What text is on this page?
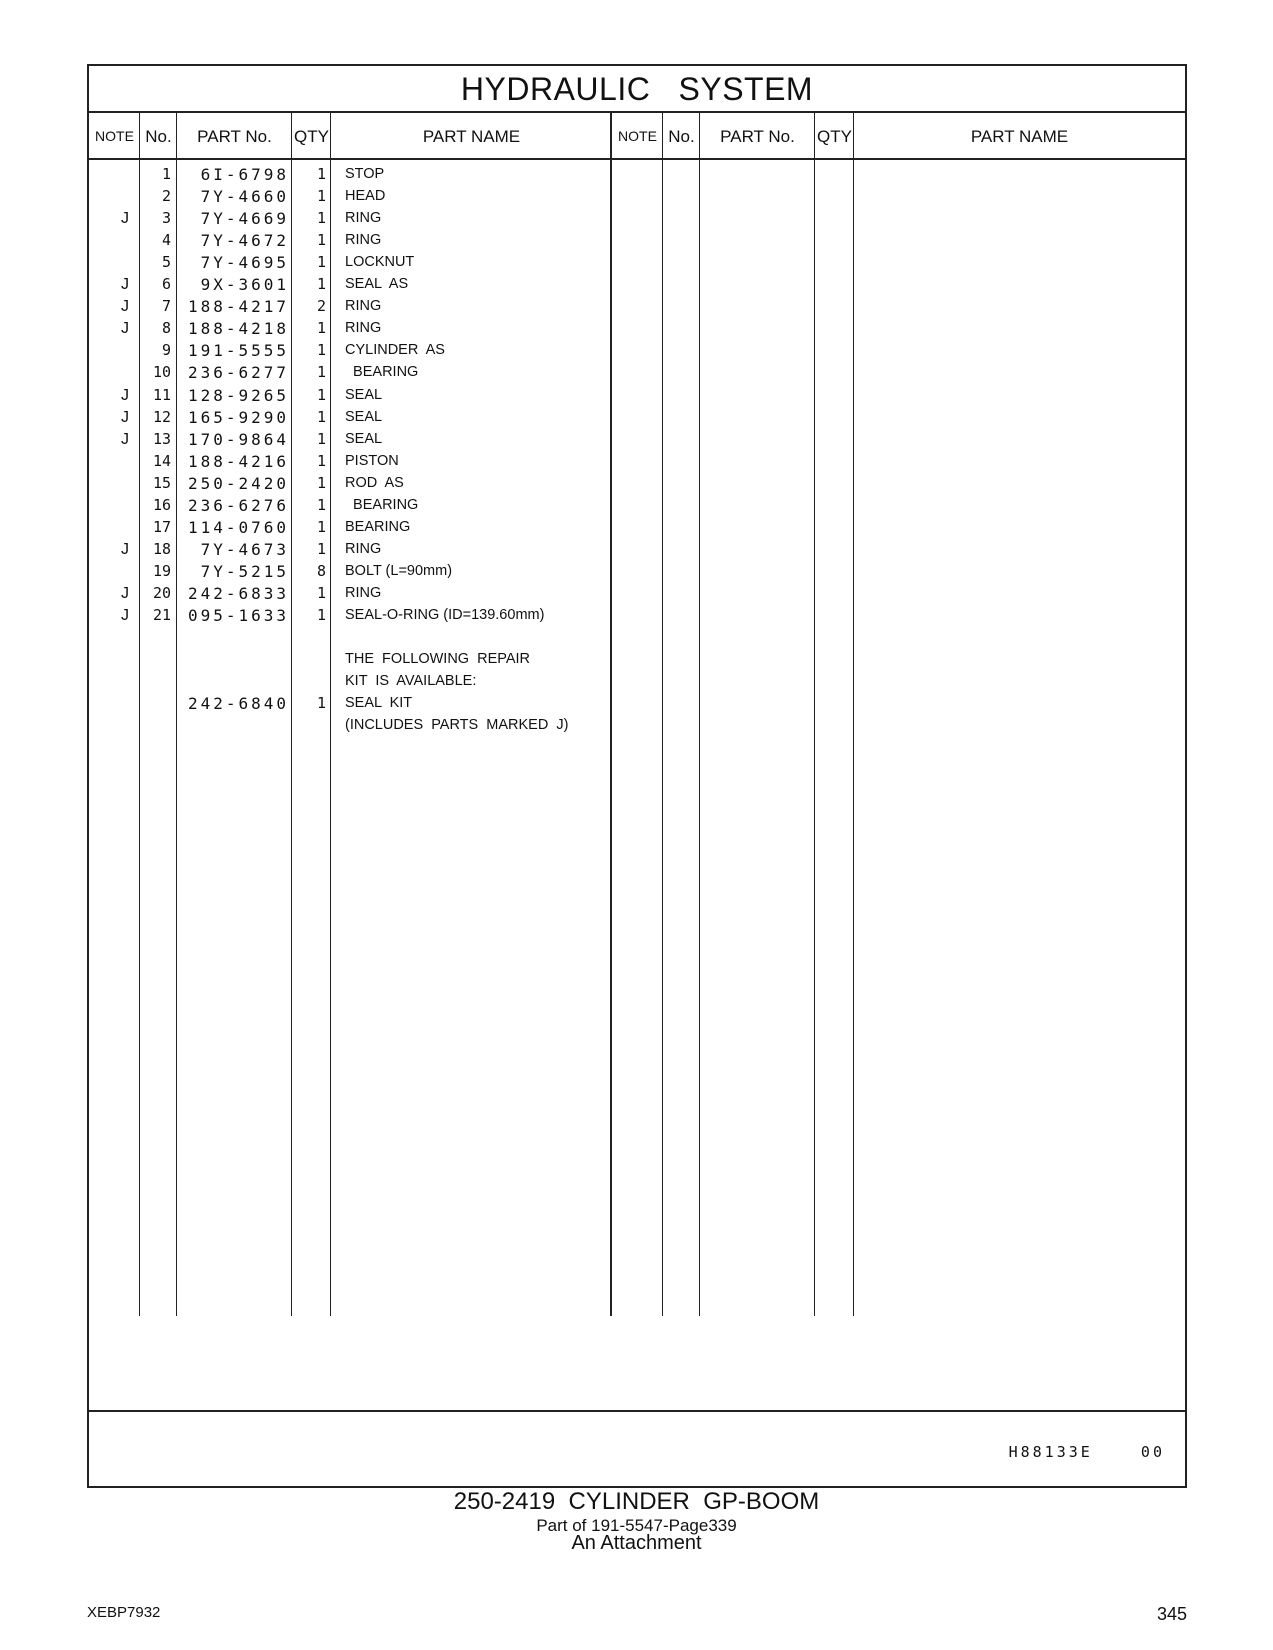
HYDRAULIC   SYSTEM
NOTE No.	PART No.	QTY	PART NAME	NOTE No.	PART No.	QTY	PART NAME
1	6I-6798	1 STOP
2	7Y-4660	1 HEAD
J	3	7Y-4669	1 RING
4	7Y-4672	1 RING
5	7Y-4695	1 LOCKNUT
J	6	9X-3601	1 SEAL  AS
J	7	188-4217	2 RING
J	8	188-4218	1 RING
9	191-5555	1 CYLINDER  AS
10	236-6277	1 BEARING
J	11	128-9265	1 SEAL
J	12	165-9290	1 SEAL
J	13	170-9864	1 SEAL
14	188-4216	1 PISTON
15	250-2420	1 ROD  AS
16	236-6276	1 BEARING
17	114-0760	1 BEARING
J	18	7Y-4673	1 RING
19	7Y-5215	8 BOLT (L=90mm)
J	20	242-6833	1 RING
J	21	095-1633	1 SEAL-O-RING (ID=139.60mm)
THE  FOLLOWING  REPAIR
KIT  IS  AVAILABLE:
242-6840	1 SEAL  KIT
(INCLUDES  PARTS  MARKED  J)
H88133E    00
250-2419  CYLINDER  GP-BOOM
Part of 191-5547-Page339
An Attachment
XEBP7932	345
